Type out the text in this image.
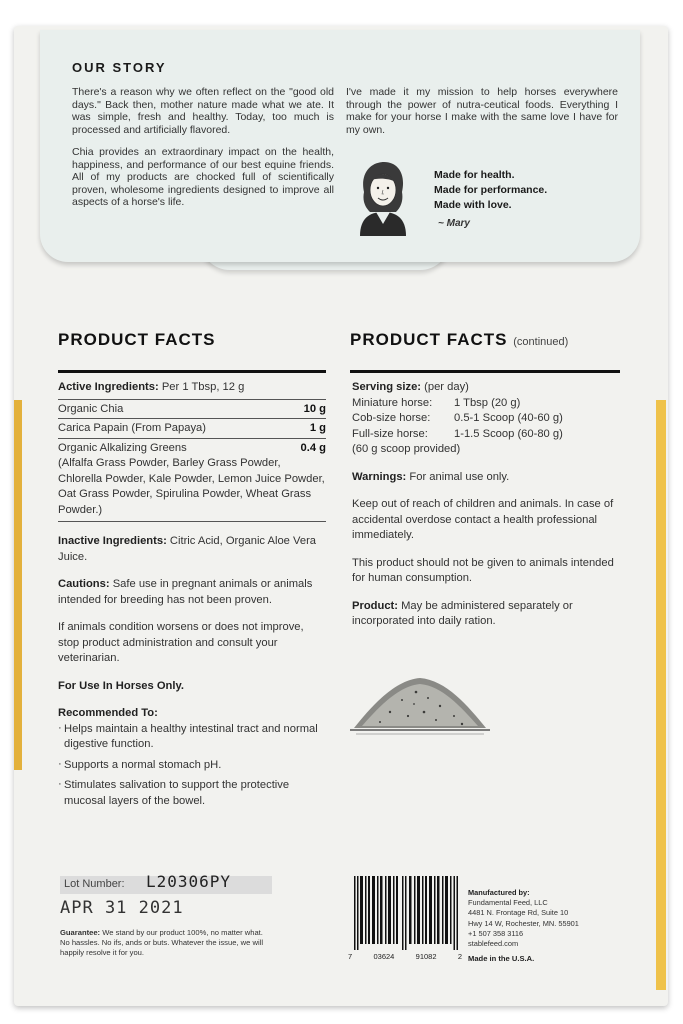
OUR STORY

There's a reason why we often reflect on the "good old days." Back then, mother nature made what we ate. It was simple, fresh and healthy. Today, too much is processed and artificially flavored.

Chia provides an extraordinary impact on the health, happiness, and performance of our best equine friends. All of my products are chocked full of scientifically proven, wholesome ingredients designed to improve all aspects of a horse's life.

I've made it my mission to help horses everywhere through the power of nutra-ceutical foods. Everything I make for your horse I make with the same love I have for my own.

Made for health.
Made for performance.
Made with love.
~ Mary
PRODUCT FACTS	PRODUCT FACTS (continued)
Active Ingredients: Per 1 Tbsp, 12 g
Organic Chia	10 g
Carica Papain (From Papaya)	1 g
Organic Alkalizing Greens	0.4 g
(Alfalfa Grass Powder, Barley Grass Powder, Chlorella Powder, Kale Powder, Lemon Juice Powder, Oat Grass Powder, Spirulina Powder, Wheat Grass Powder.)
Inactive Ingredients: Citric Acid, Organic Aloe Vera Juice.
Cautions: Safe use in pregnant animals or animals intended for breeding has not been proven.
If animals condition worsens or does not improve, stop product administration and consult your veterinarian.
For Use In Horses Only.
Recommended To:
· Helps maintain a healthy intestinal tract and normal digestive function.
· Supports a normal stomach pH.
· Stimulates salivation to support the protective mucosal layers of the bowel.
Serving size: (per day)
Miniature horse:	1 Tbsp (20 g)
Cob-size horse:	0.5-1 Scoop (40-60 g)
Full-size horse:	1-1.5 Scoop (60-80 g)
(60 g scoop provided)
Warnings: For animal use only.
Keep out of reach of children and animals. In case of accidental overdose contact a health professional immediately.
This product should not be given to animals intended for human consumption.
Product: May be administered separately or incorporated into daily ration.
Lot Number:	L20306PY
APR 31 2021
Guarantee: We stand by our product 100%, no matter what. No hassles. No ifs, ands or buts. Whatever the issue, we will happily resolve it for you.	7	03624	91082	2
Manufactured by:
Fundamental Feed, LLC
4481 N. Frontage Rd, Suite 10
Hwy 14 W, Rochester, MN. 55901
+1 507 358 3116
stablefeed.com
Made in the U.S.A.
